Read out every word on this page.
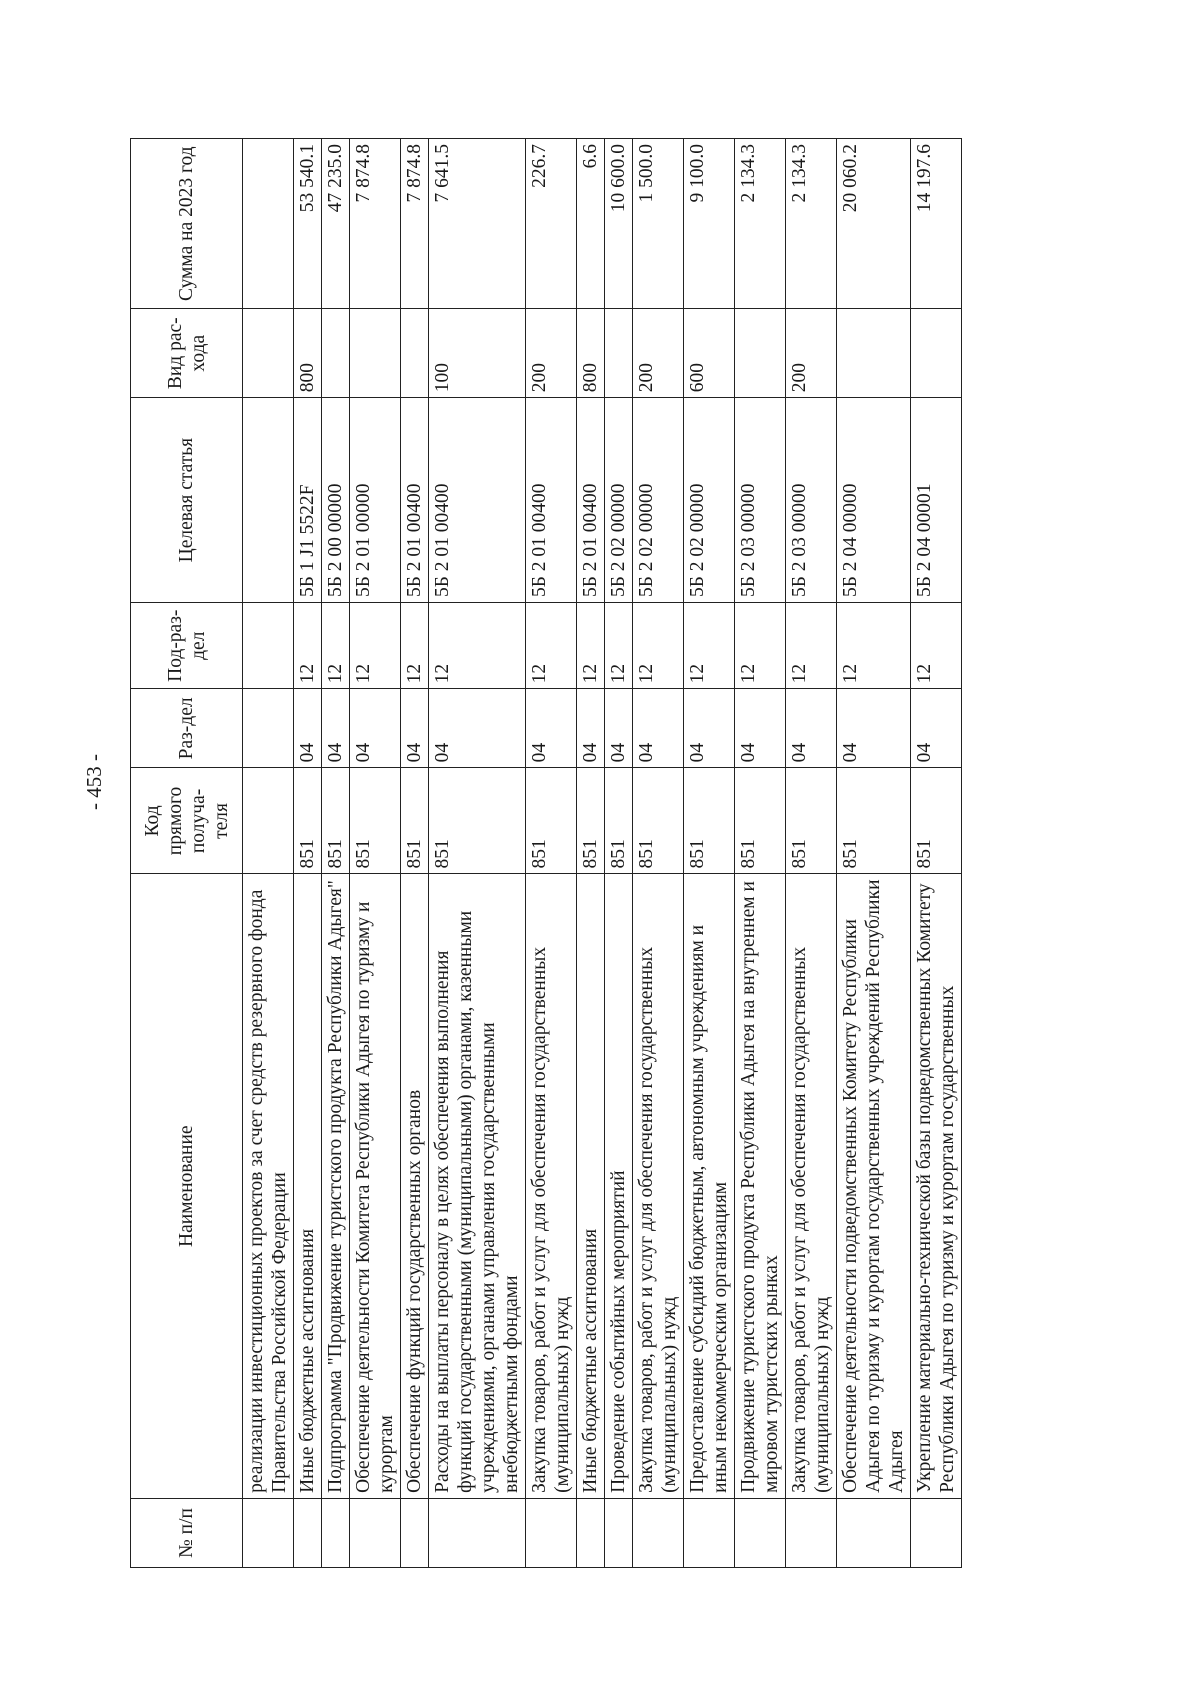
- 453 -
№ п/п	Наименование	Код прямого получа-теля	Раз-дел	Под-раз-дел	Целевая статья	Вид рас-хода	Сумма на 2023 год
	реализации инвестиционных проектов за счет средств резервного фонда Правительства Российской Федерации						
	Иные бюджетные ассигнования	851	04	12	5Б 1 J1 5522F	800	53 540.1
	Подпрограмма "Продвижение туристского продукта Республики Адыгея"	851	04	12	5Б 2 00 00000		47 235.0
	Обеспечение деятельности Комитета Республики Адыгея по туризму и курортам	851	04	12	5Б 2 01 00000		7 874.8
	Обеспечение функций государственных органов	851	04	12	5Б 2 01 00400		7 874.8
	Расходы на выплаты персоналу в целях обеспечения выполнения функций государственными (муниципальными) органами, казенными учреждениями, органами управления государственными внебюджетными фондами	851	04	12	5Б 2 01 00400	100	7 641.5
	Закупка товаров, работ и услуг для обеспечения государственных (муниципальных) нужд	851	04	12	5Б 2 01 00400	200	226.7
	Иные бюджетные ассигнования	851	04	12	5Б 2 01 00400	800	6.6
	Проведение событийных мероприятий	851	04	12	5Б 2 02 00000		10 600.0
	Закупка товаров, работ и услуг для обеспечения государственных (муниципальных) нужд	851	04	12	5Б 2 02 00000	200	1 500.0
	Предоставление субсидий бюджетным, автономным учреждениям и иным некоммерческим организациям	851	04	12	5Б 2 02 00000	600	9 100.0
	Продвижение туристского продукта Республики Адыгея на внутреннем и мировом туристских рынках	851	04	12	5Б 2 03 00000		2 134.3
	Закупка товаров, работ и услуг для обеспечения государственных (муниципальных) нужд	851	04	12	5Б 2 03 00000	200	2 134.3
	Обеспечение деятельности подведомственных Комитету Республики Адыгея по туризму и курортам государственных учреждений Республики Адыгея	851	04	12	5Б 2 04 00000		20 060.2
	Укрепление материально-технической базы подведомственных Комитету Республики Адыгея по туризму и курортам государственных	851	04	12	5Б 2 04 00001		14 197.6
